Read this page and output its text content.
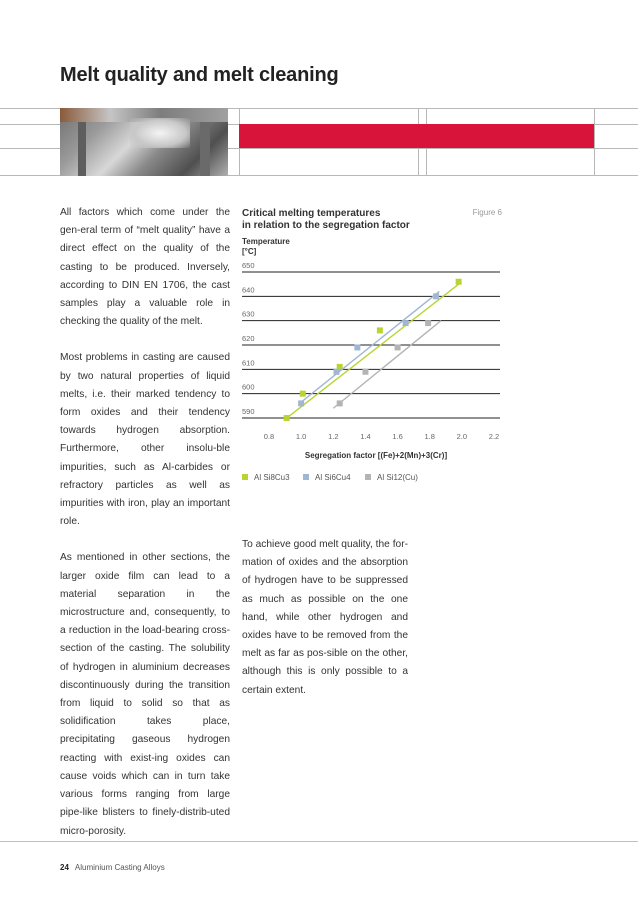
Melt quality and melt cleaning

All factors which come under the gen-eral term of “melt quality” have a direct effect on the quality of the casting to be produced. Inversely, according to DIN EN 1706, the cast samples play a valuable role in checking the quality of the melt.

Most problems in casting are caused by two natural properties of liquid melts, i.e. their marked tendency to form oxides and their tendency towards hydrogen absorption. Furthermore, other insolu-ble impurities, such as Al-carbides or refractory particles as well as impurities with iron, play an important role.

As mentioned in other sections, the larger oxide film can lead to a material separation in the microstructure and, consequently, to a reduction in the load-bearing cross-section of the casting. The solubility of hydrogen in aluminium decreases discontinuously during the transition from liquid to solid so that as solidification takes place, precipitating gaseous hydrogen reacting with exist-ing oxides can cause voids which can in turn take various forms ranging from large pipe-like blisters to finely-distrib-uted micro-porosity.

Critical melting temperatures
in relation to the segregation factor
Figure 6
Temperature
[°C]
650
640
630
620
610
600
590
0.8	1.0	1.2	1.4	1.6	1.8	2.0	2.2
Segregation factor [(Fe)+2(Mn)+3(Cr)]
Al Si8Cu3	Al Si6Cu4	Al Si12(Cu)

To achieve good melt quality, the for-mation of oxides and the absorption of hydrogen have to be suppressed as much as possible on the one hand, while other hydrogen and oxides have to be removed from the melt as far as pos-sible on the other, although this is only possible to a certain extent.

24 Aluminium Casting Alloys
